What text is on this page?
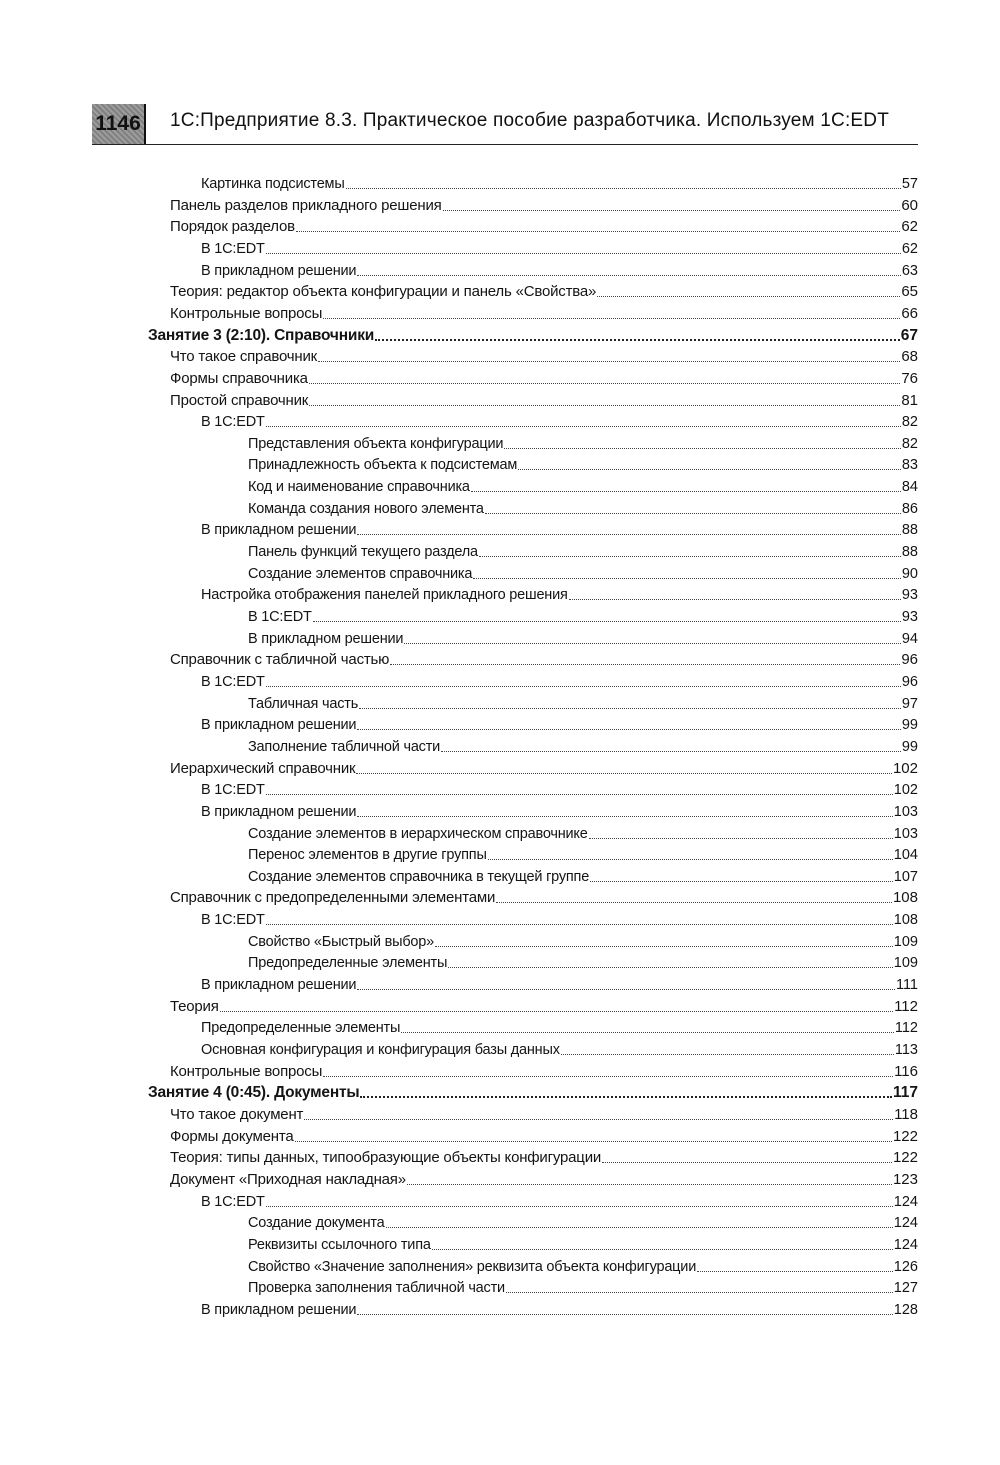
1146 1С:Предприятие 8.3. Практическое пособие разработчика. Используем 1С:EDT
Картинка подсистемы	57
Панель разделов прикладного решения	60
Порядок разделов	62
В 1С:EDT	62
В прикладном решении	63
Теория: редактор объекта конфигурации и панель «Свойства»	65
Контрольные вопросы	66
Занятие 3 (2:10). Справочники	67
Что такое справочник	68
Формы справочника	76
Простой справочник	81
В 1С:EDT	82
Представления объекта конфигурации	82
Принадлежность объекта к подсистемам	83
Код и наименование справочника	84
Команда создания нового элемента	86
В прикладном решении	88
Панель функций текущего раздела	88
Создание элементов справочника	90
Настройка отображения панелей прикладного решения	93
В 1С:EDT	93
В прикладном решении	94
Справочник с табличной частью	96
В 1С:EDT	96
Табличная часть	97
В прикладном решении	99
Заполнение табличной части	99
Иерархический справочник	102
В 1С:EDT	102
В прикладном решении	103
Создание элементов в иерархическом справочнике	103
Перенос элементов в другие группы	104
Создание элементов справочника в текущей группе	107
Справочник с предопределенными элементами	108
В 1С:EDT	108
Свойство «Быстрый выбор»	109
Предопределенные элементы	109
В прикладном решении	111
Теория	112
Предопределенные элементы	112
Основная конфигурация и конфигурация базы данных	113
Контрольные вопросы	116
Занятие 4 (0:45). Документы	117
Что такое документ	118
Формы документа	122
Теория: типы данных, типообразующие объекты конфигурации	122
Документ «Приходная накладная»	123
В 1С:EDT	124
Создание документа	124
Реквизиты ссылочного типа	124
Свойство «Значение заполнения» реквизита объекта конфигурации	126
Проверка заполнения табличной части	127
В прикладном решении	128
